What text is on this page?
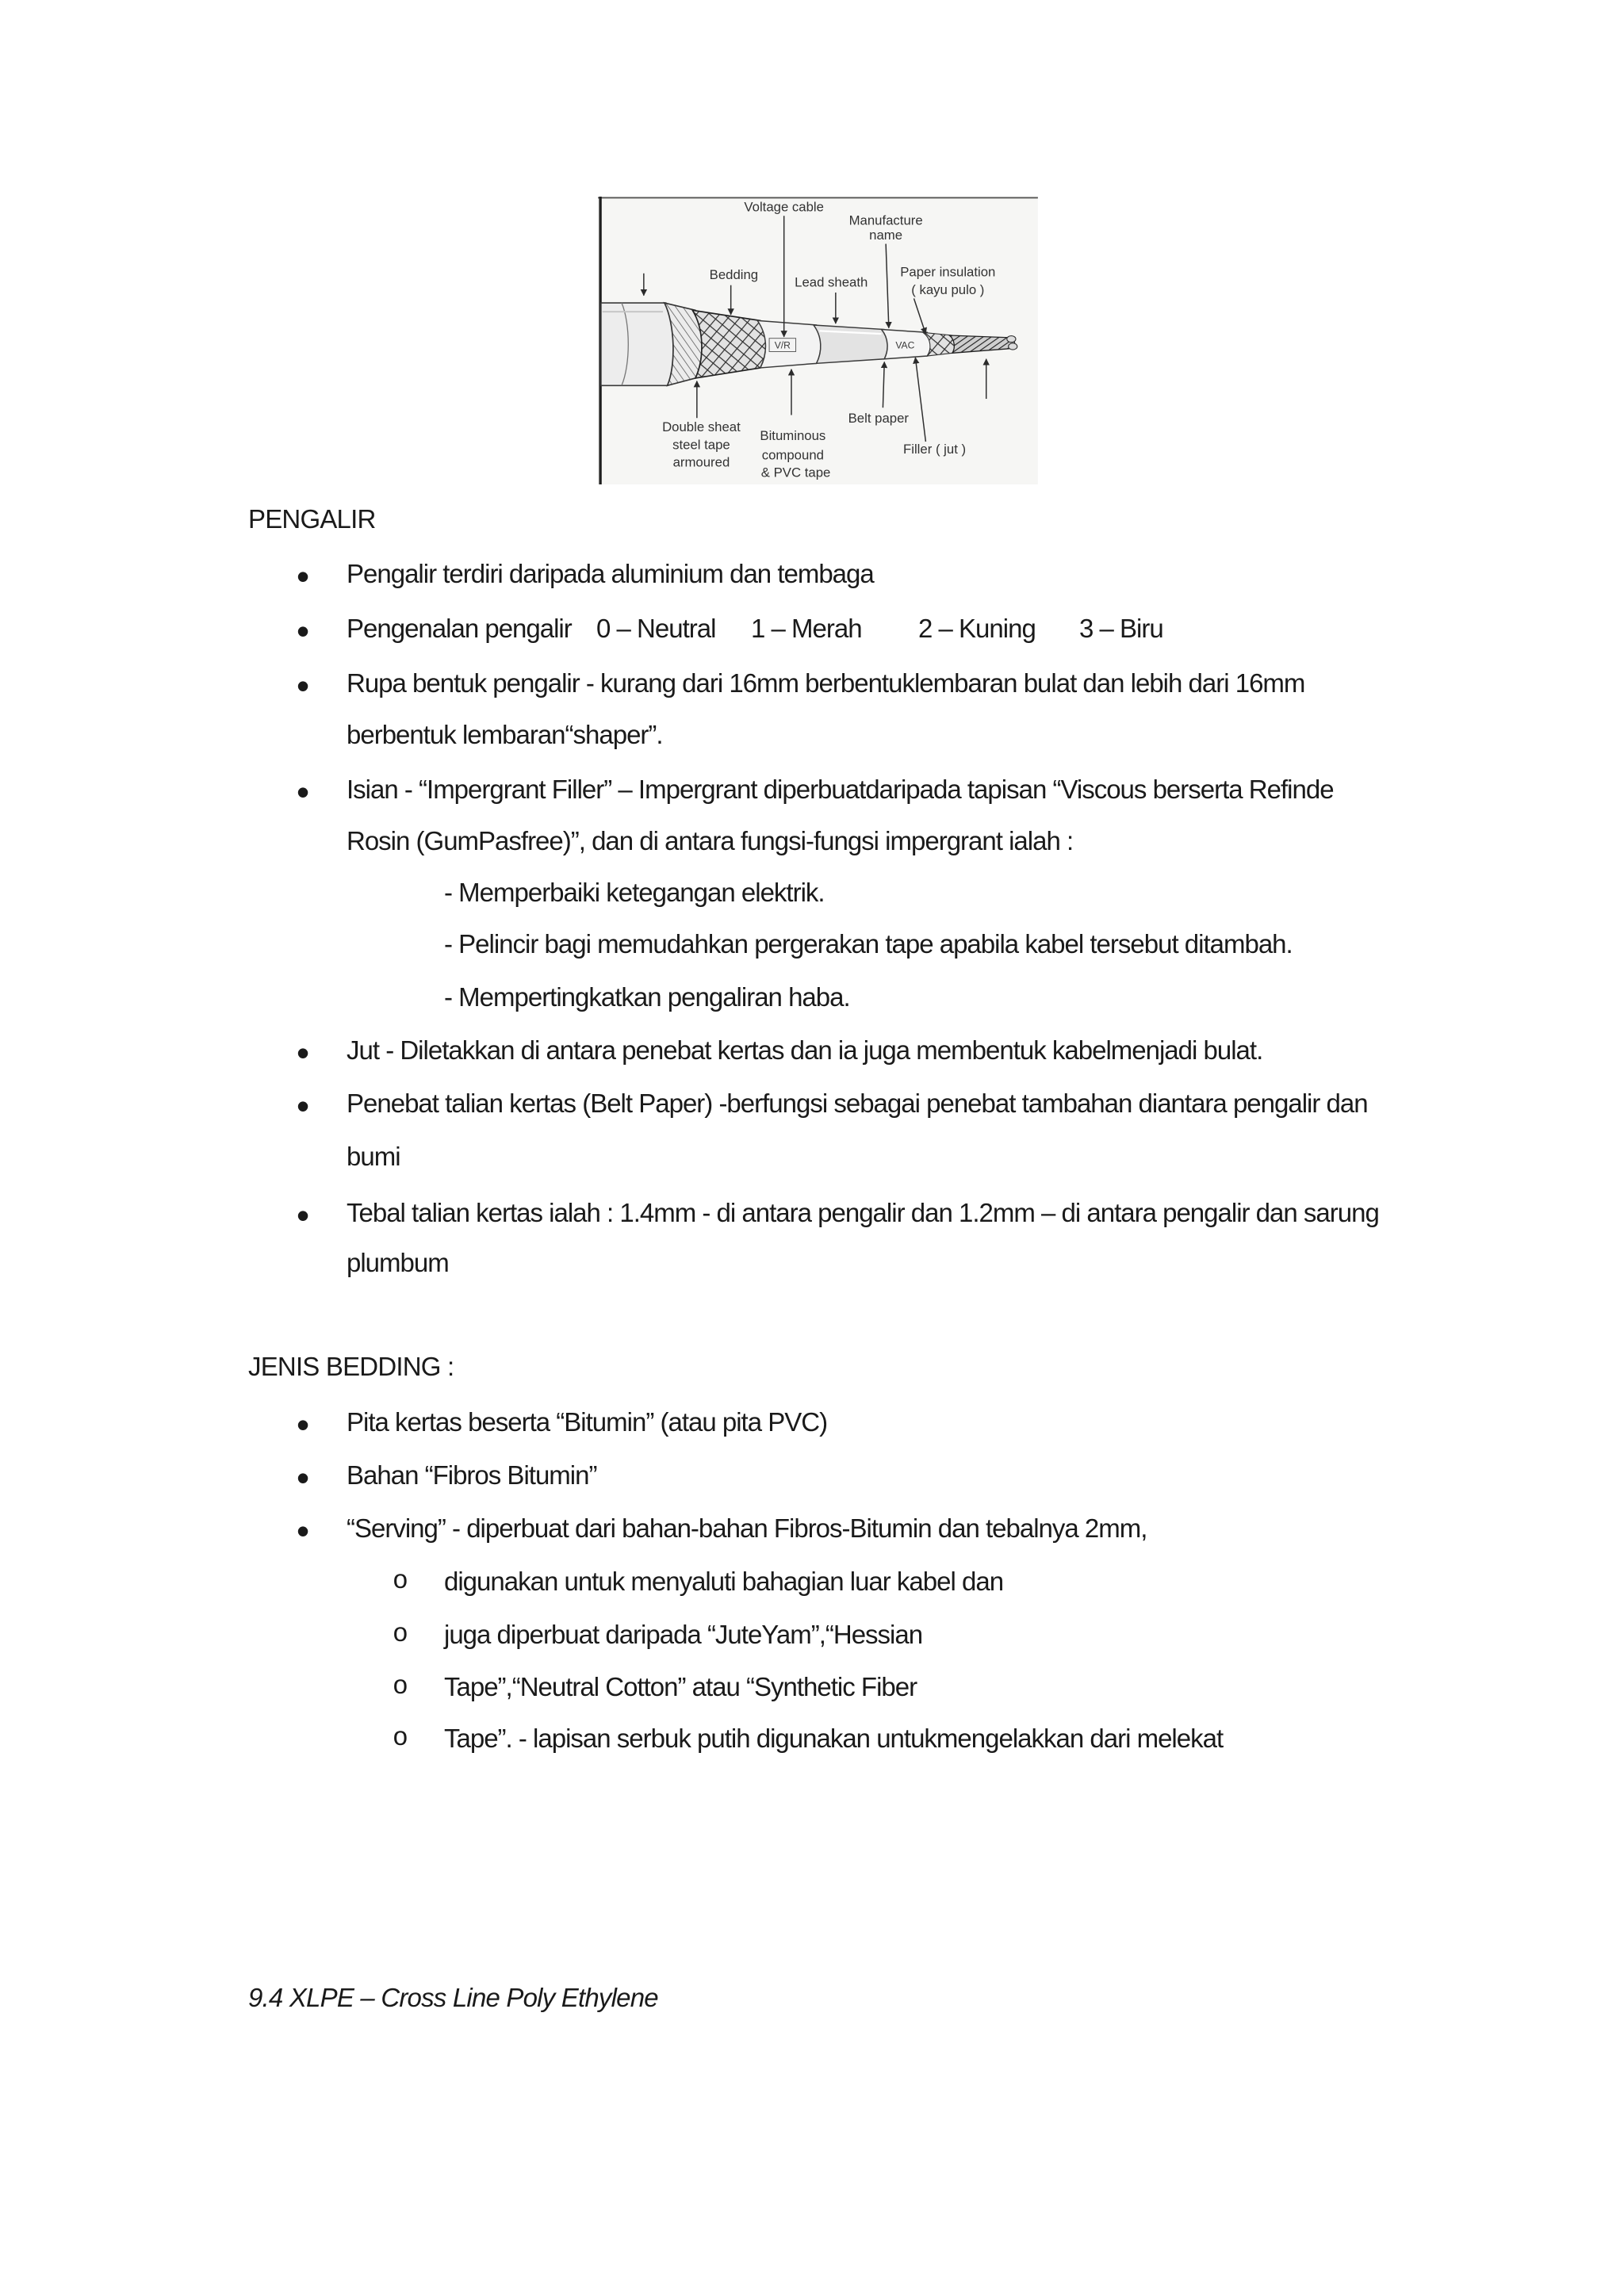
V/R	VAC
Voltage cable
Manufacture
name
Bedding	Lead sheath
Paper insulation
( kayu pulo )
Double sheat
steel tape
armoured
Bituminous
compound
& PVC tape
Belt paper
Filler ( jut )
PENGALIR
• Pengalir terdiri daripada aluminium dan tembaga
• Pengenalan pengalir 0 – Neutral 1 – Merah 2 – Kuning 3 – Biru
• Rupa bentuk pengalir - kurang dari 16mm berbentuklembaran bulat dan lebih dari 16mm
berbentuk lembaran“shaper”.
• Isian - “Impergrant Filler” – Impergrant diperbuatdaripada tapisan “Viscous berserta Refinde
Rosin (GumPasfree)”, dan di antara fungsi-fungsi impergrant ialah :
- Memperbaiki ketegangan elektrik.
- Pelincir bagi memudahkan pergerakan tape apabila kabel tersebut ditambah.
- Mempertingkatkan pengaliran haba.
• Jut - Diletakkan di antara penebat kertas dan ia juga membentuk kabelmenjadi bulat.
• Penebat talian kertas (Belt Paper) -berfungsi sebagai penebat tambahan diantara pengalir dan
bumi
• Tebal talian kertas ialah : 1.4mm - di antara pengalir dan 1.2mm – di antara pengalir dan sarung
plumbum
JENIS BEDDING :
• Pita kertas beserta “Bitumin” (atau pita PVC)
• Bahan “Fibros Bitumin”
• “Serving” - diperbuat dari bahan-bahan Fibros-Bitumin dan tebalnya 2mm,
o digunakan untuk menyaluti bahagian luar kabel dan
o juga diperbuat daripada “JuteYam”,“Hessian
o Tape”,“Neutral Cotton” atau “Synthetic Fiber
o Tape”. - lapisan serbuk putih digunakan untukmengelakkan dari melekat
9.4 XLPE – Cross Line Poly Ethylene
